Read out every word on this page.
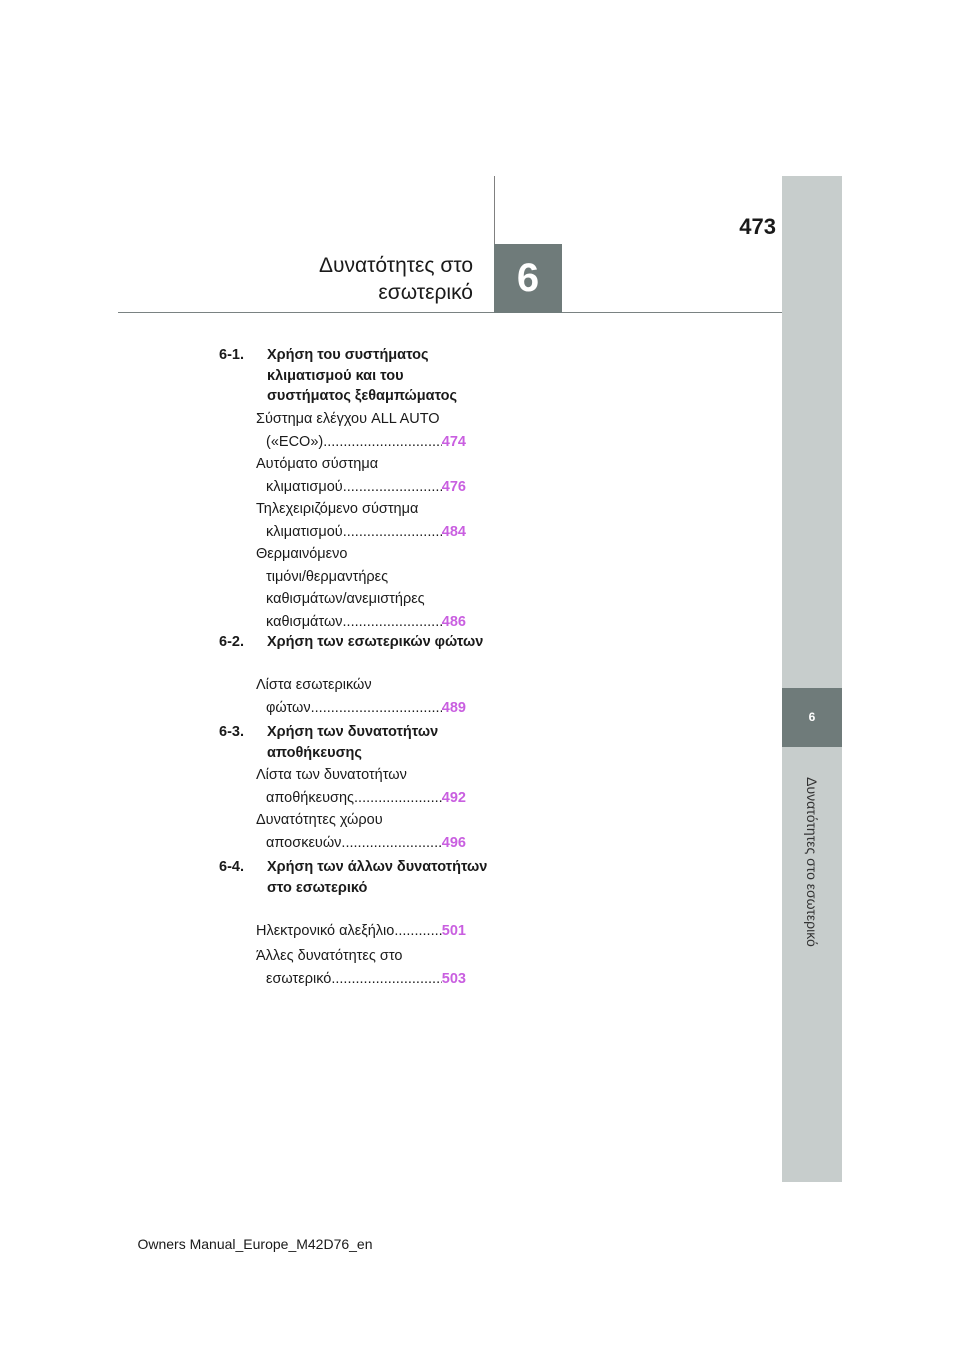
473
Δυνατότητες στο
εσωτερικό	6
6
Δυνατότητες στο εσωτερικό
6-1.	Χρήση του συστήματος κλιματισμού και του συστήματος ξεθαμπώματος
Σύστημα ελέγχου ALL AUTO
(«ECO») .....	474
Αυτόματο σύστημα
κλιματισμού .....	476
Τηλεχειριζόμενο σύστημα
κλιματισμού .....	484
Θερμαινόμενο
τιμόνι/θερμαντήρες
καθισμάτων/ανεμιστήρες
καθισμάτων .....	486
6-2.	Χρήση των εσωτερικών φώτων
Λίστα εσωτερικών
φώτων .....	489
6-3.	Χρήση των δυνατοτήτων αποθήκευσης
Λίστα των δυνατοτήτων
αποθήκευσης .....	492
Δυνατότητες χώρου
αποσκευών .....	496
6-4.	Χρήση των άλλων δυνατοτήτων στο εσωτερικό
Ηλεκτρονικό αλεξήλιο .....	501
Άλλες δυνατότητες στο
εσωτερικό .....	503
Owners Manual_Europe_M42D76_en
